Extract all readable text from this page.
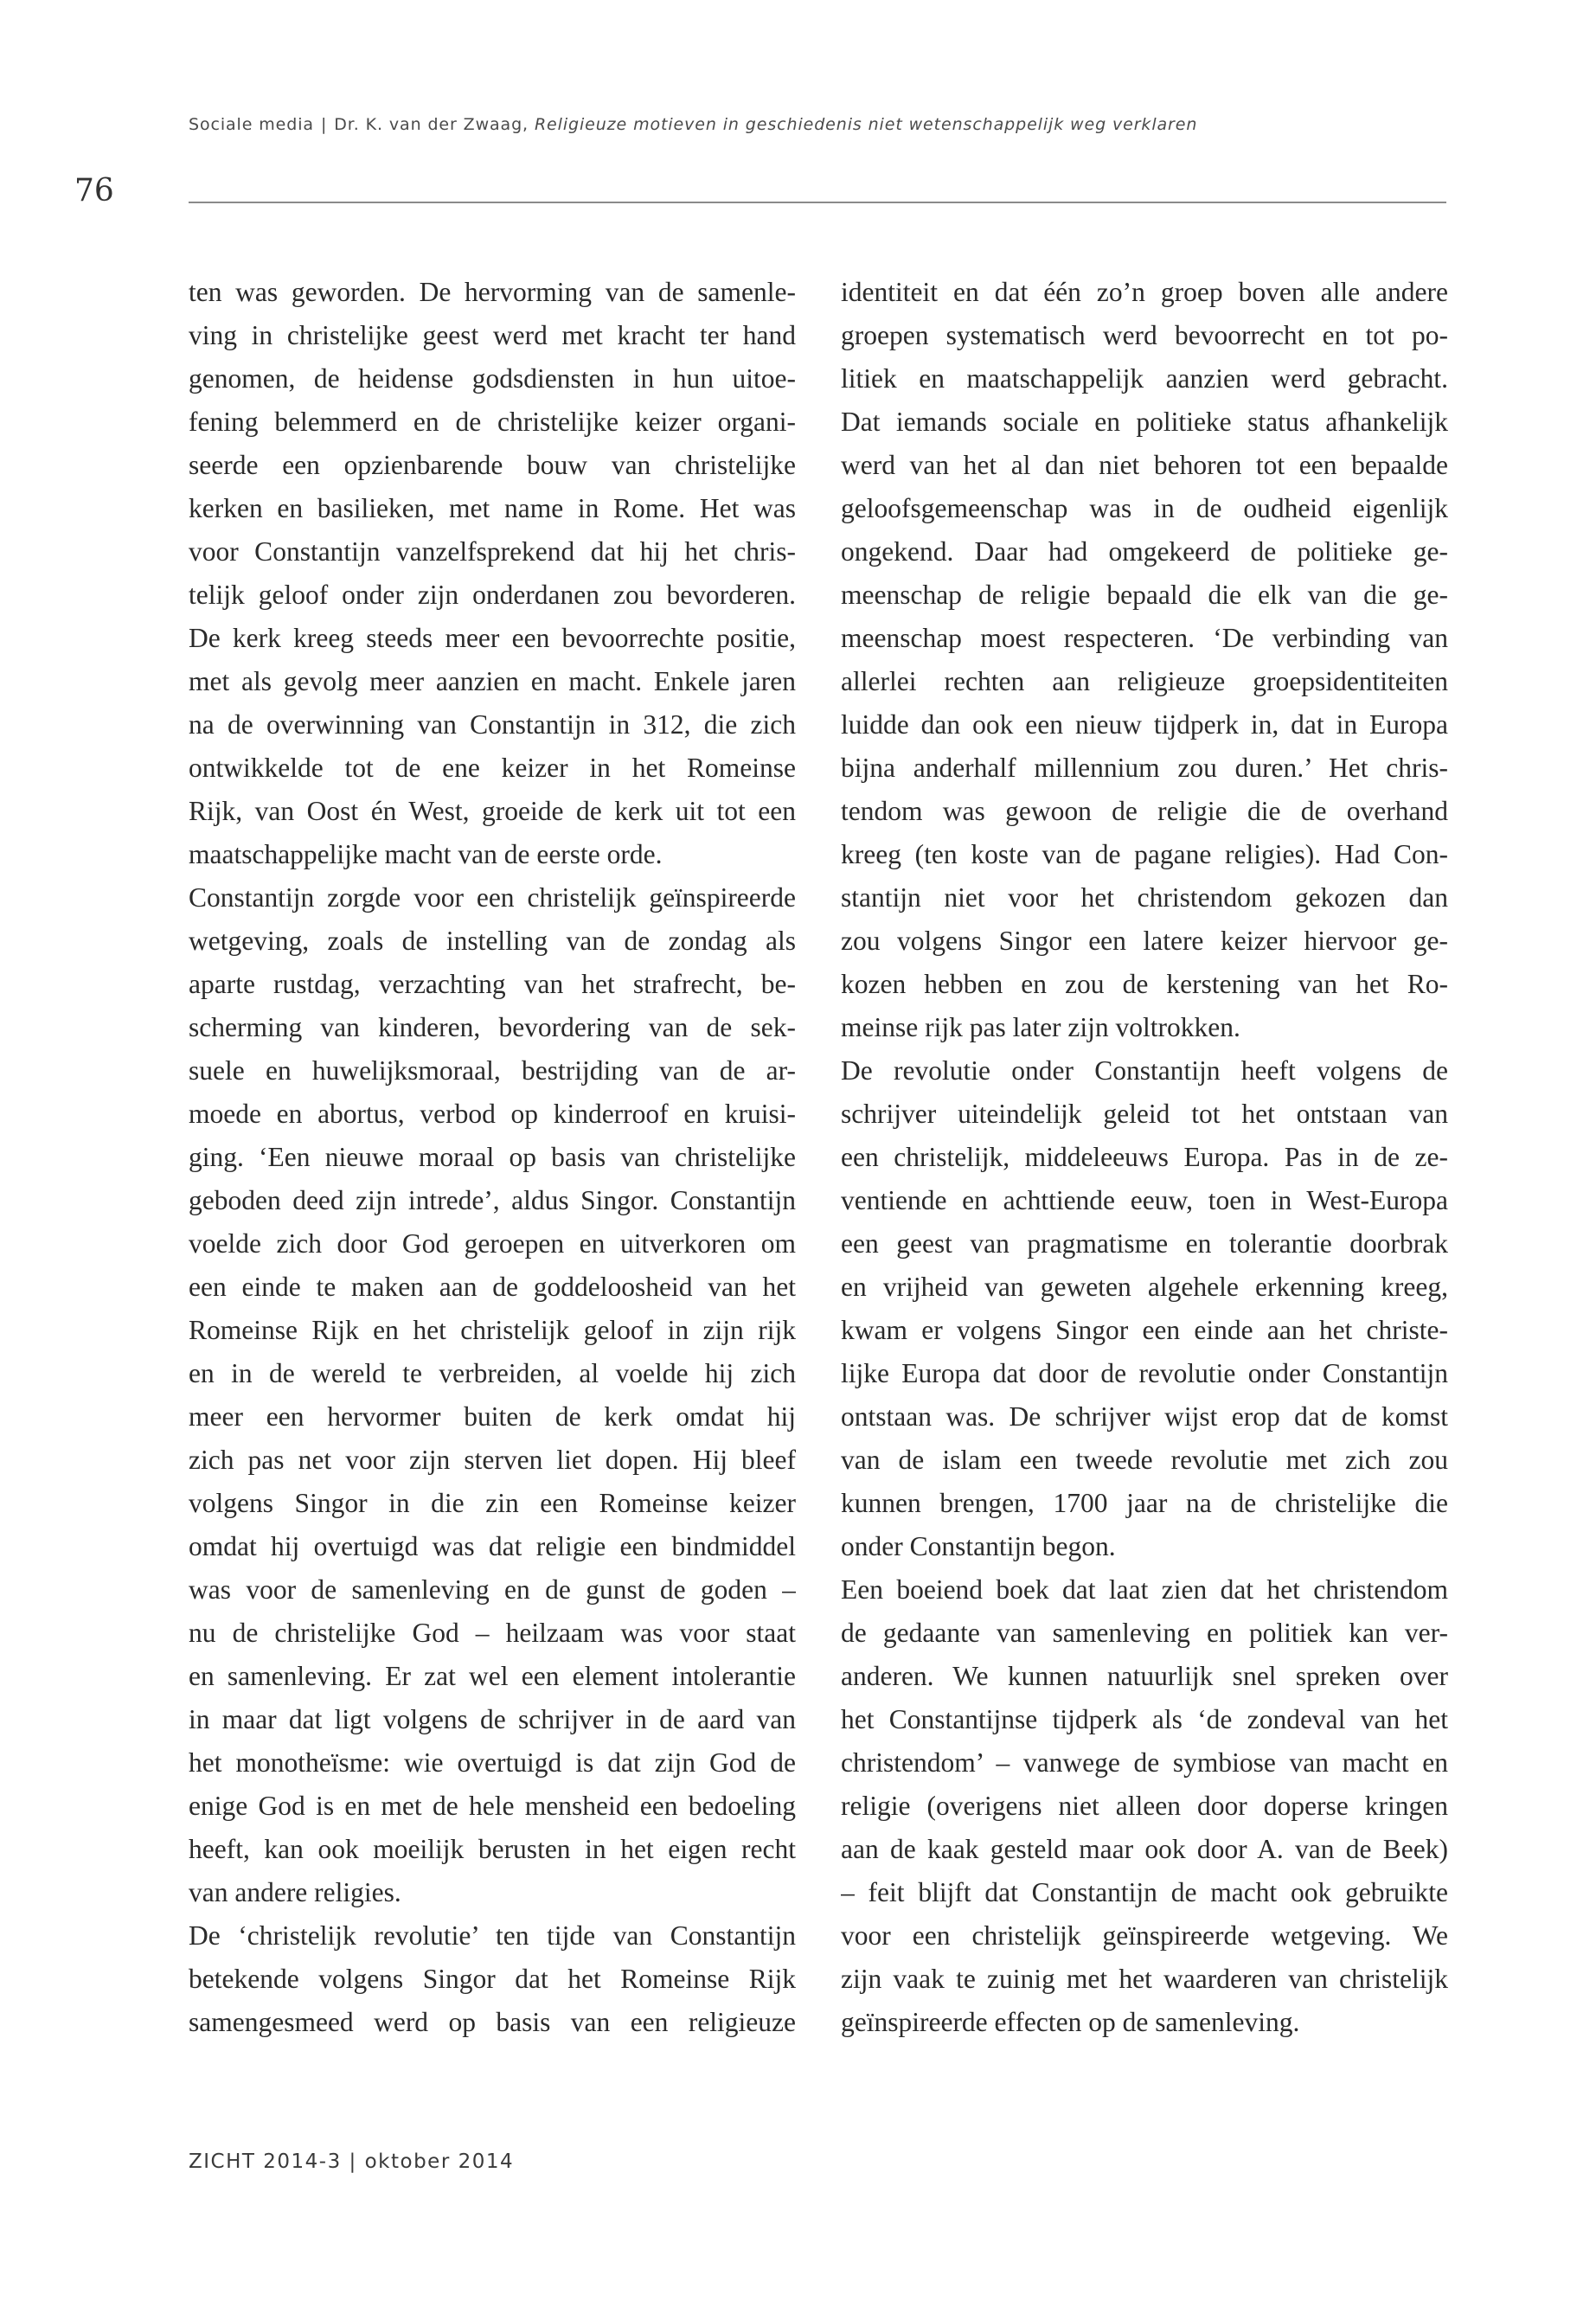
Sociale media | Dr. K. van der Zwaag, Religieuze motieven in geschiedenis niet wetenschappelijk weg verklaren
76
ten was geworden. De hervorming van de samenle-
ving in christelijke geest werd met kracht ter hand
genomen, de heidense godsdiensten in hun uitoe-
fening belemmerd en de christelijke keizer organi-
seerde een opzienbarende bouw van christelijke
kerken en basilieken, met name in Rome. Het was
voor Constantijn vanzelfsprekend dat hij het chris-
telijk geloof onder zijn onderdanen zou bevorderen.
De kerk kreeg steeds meer een bevoorrechte positie,
met als gevolg meer aanzien en macht. Enkele jaren
na de overwinning van Constantijn in 312, die zich
ontwikkelde tot de ene keizer in het Romeinse
Rijk, van Oost én West, groeide de kerk uit tot een
maatschappelijke macht van de eerste orde.
Constantijn zorgde voor een christelijk geïnspireerde
wetgeving, zoals de instelling van de zondag als
aparte rustdag, verzachting van het strafrecht, be-
scherming van kinderen, bevordering van de sek-
suele en huwelijksmoraal, bestrijding van de ar-
moede en abortus, verbod op kinderroof en kruisi-
ging. ‘Een nieuwe moraal op basis van christelijke
geboden deed zijn intrede’, aldus Singor. Constantijn
voelde zich door God geroepen en uitverkoren om
een einde te maken aan de goddeloosheid van het
Romeinse Rijk en het christelijk geloof in zijn rijk
en in de wereld te verbreiden, al voelde hij zich
meer een hervormer buiten de kerk omdat hij
zich pas net voor zijn sterven liet dopen. Hij bleef
volgens Singor in die zin een Romeinse keizer
omdat hij overtuigd was dat religie een bindmiddel
was voor de samenleving en de gunst de goden –
nu de christelijke God – heilzaam was voor staat
en samenleving. Er zat wel een element intolerantie
in maar dat ligt volgens de schrijver in de aard van
het monotheïsme: wie overtuigd is dat zijn God de
enige God is en met de hele mensheid een bedoeling
heeft, kan ook moeilijk berusten in het eigen recht
van andere religies.
De ‘christelijk revolutie’ ten tijde van Constantijn
betekende volgens Singor dat het Romeinse Rijk
samengesmeed werd op basis van een religieuze
identiteit en dat één zo’n groep boven alle andere
groepen systematisch werd bevoorrecht en tot po-
litiek en maatschappelijk aanzien werd gebracht.
Dat iemands sociale en politieke status afhankelijk
werd van het al dan niet behoren tot een bepaalde
geloofsgemeenschap was in de oudheid eigenlijk
ongekend. Daar had omgekeerd de politieke ge-
meenschap de religie bepaald die elk van die ge-
meenschap moest respecteren. ‘De verbinding van
allerlei rechten aan religieuze groepsidentiteiten
luidde dan ook een nieuw tijdperk in, dat in Europa
bijna anderhalf millennium zou duren.’ Het chris-
tendom was gewoon de religie die de overhand
kreeg (ten koste van de pagane religies). Had Con-
stantijn niet voor het christendom gekozen dan
zou volgens Singor een latere keizer hiervoor ge-
kozen hebben en zou de kerstening van het Ro-
meinse rijk pas later zijn voltrokken.
De revolutie onder Constantijn heeft volgens de
schrijver uiteindelijk geleid tot het ontstaan van
een christelijk, middeleeuws Europa. Pas in de ze-
ventiende en achttiende eeuw, toen in West-Europa
een geest van pragmatisme en tolerantie doorbrak
en vrijheid van geweten algehele erkenning kreeg,
kwam er volgens Singor een einde aan het christe-
lijke Europa dat door de revolutie onder Constantijn
ontstaan was. De schrijver wijst erop dat de komst
van de islam een tweede revolutie met zich zou
kunnen brengen, 1700 jaar na de christelijke die
onder Constantijn begon.
Een boeiend boek dat laat zien dat het christendom
de gedaante van samenleving en politiek kan ver-
anderen. We kunnen natuurlijk snel spreken over
het Constantijnse tijdperk als ‘de zondeval van het
christendom’ – vanwege de symbiose van macht en
religie (overigens niet alleen door doperse kringen
aan de kaak gesteld maar ook door A. van de Beek)
– feit blijft dat Constantijn de macht ook gebruikte
voor een christelijk geïnspireerde wetgeving. We
zijn vaak te zuinig met het waarderen van christelijk
geïnspireerde effecten op de samenleving.
ZICHT 2014-3 | oktober 2014
